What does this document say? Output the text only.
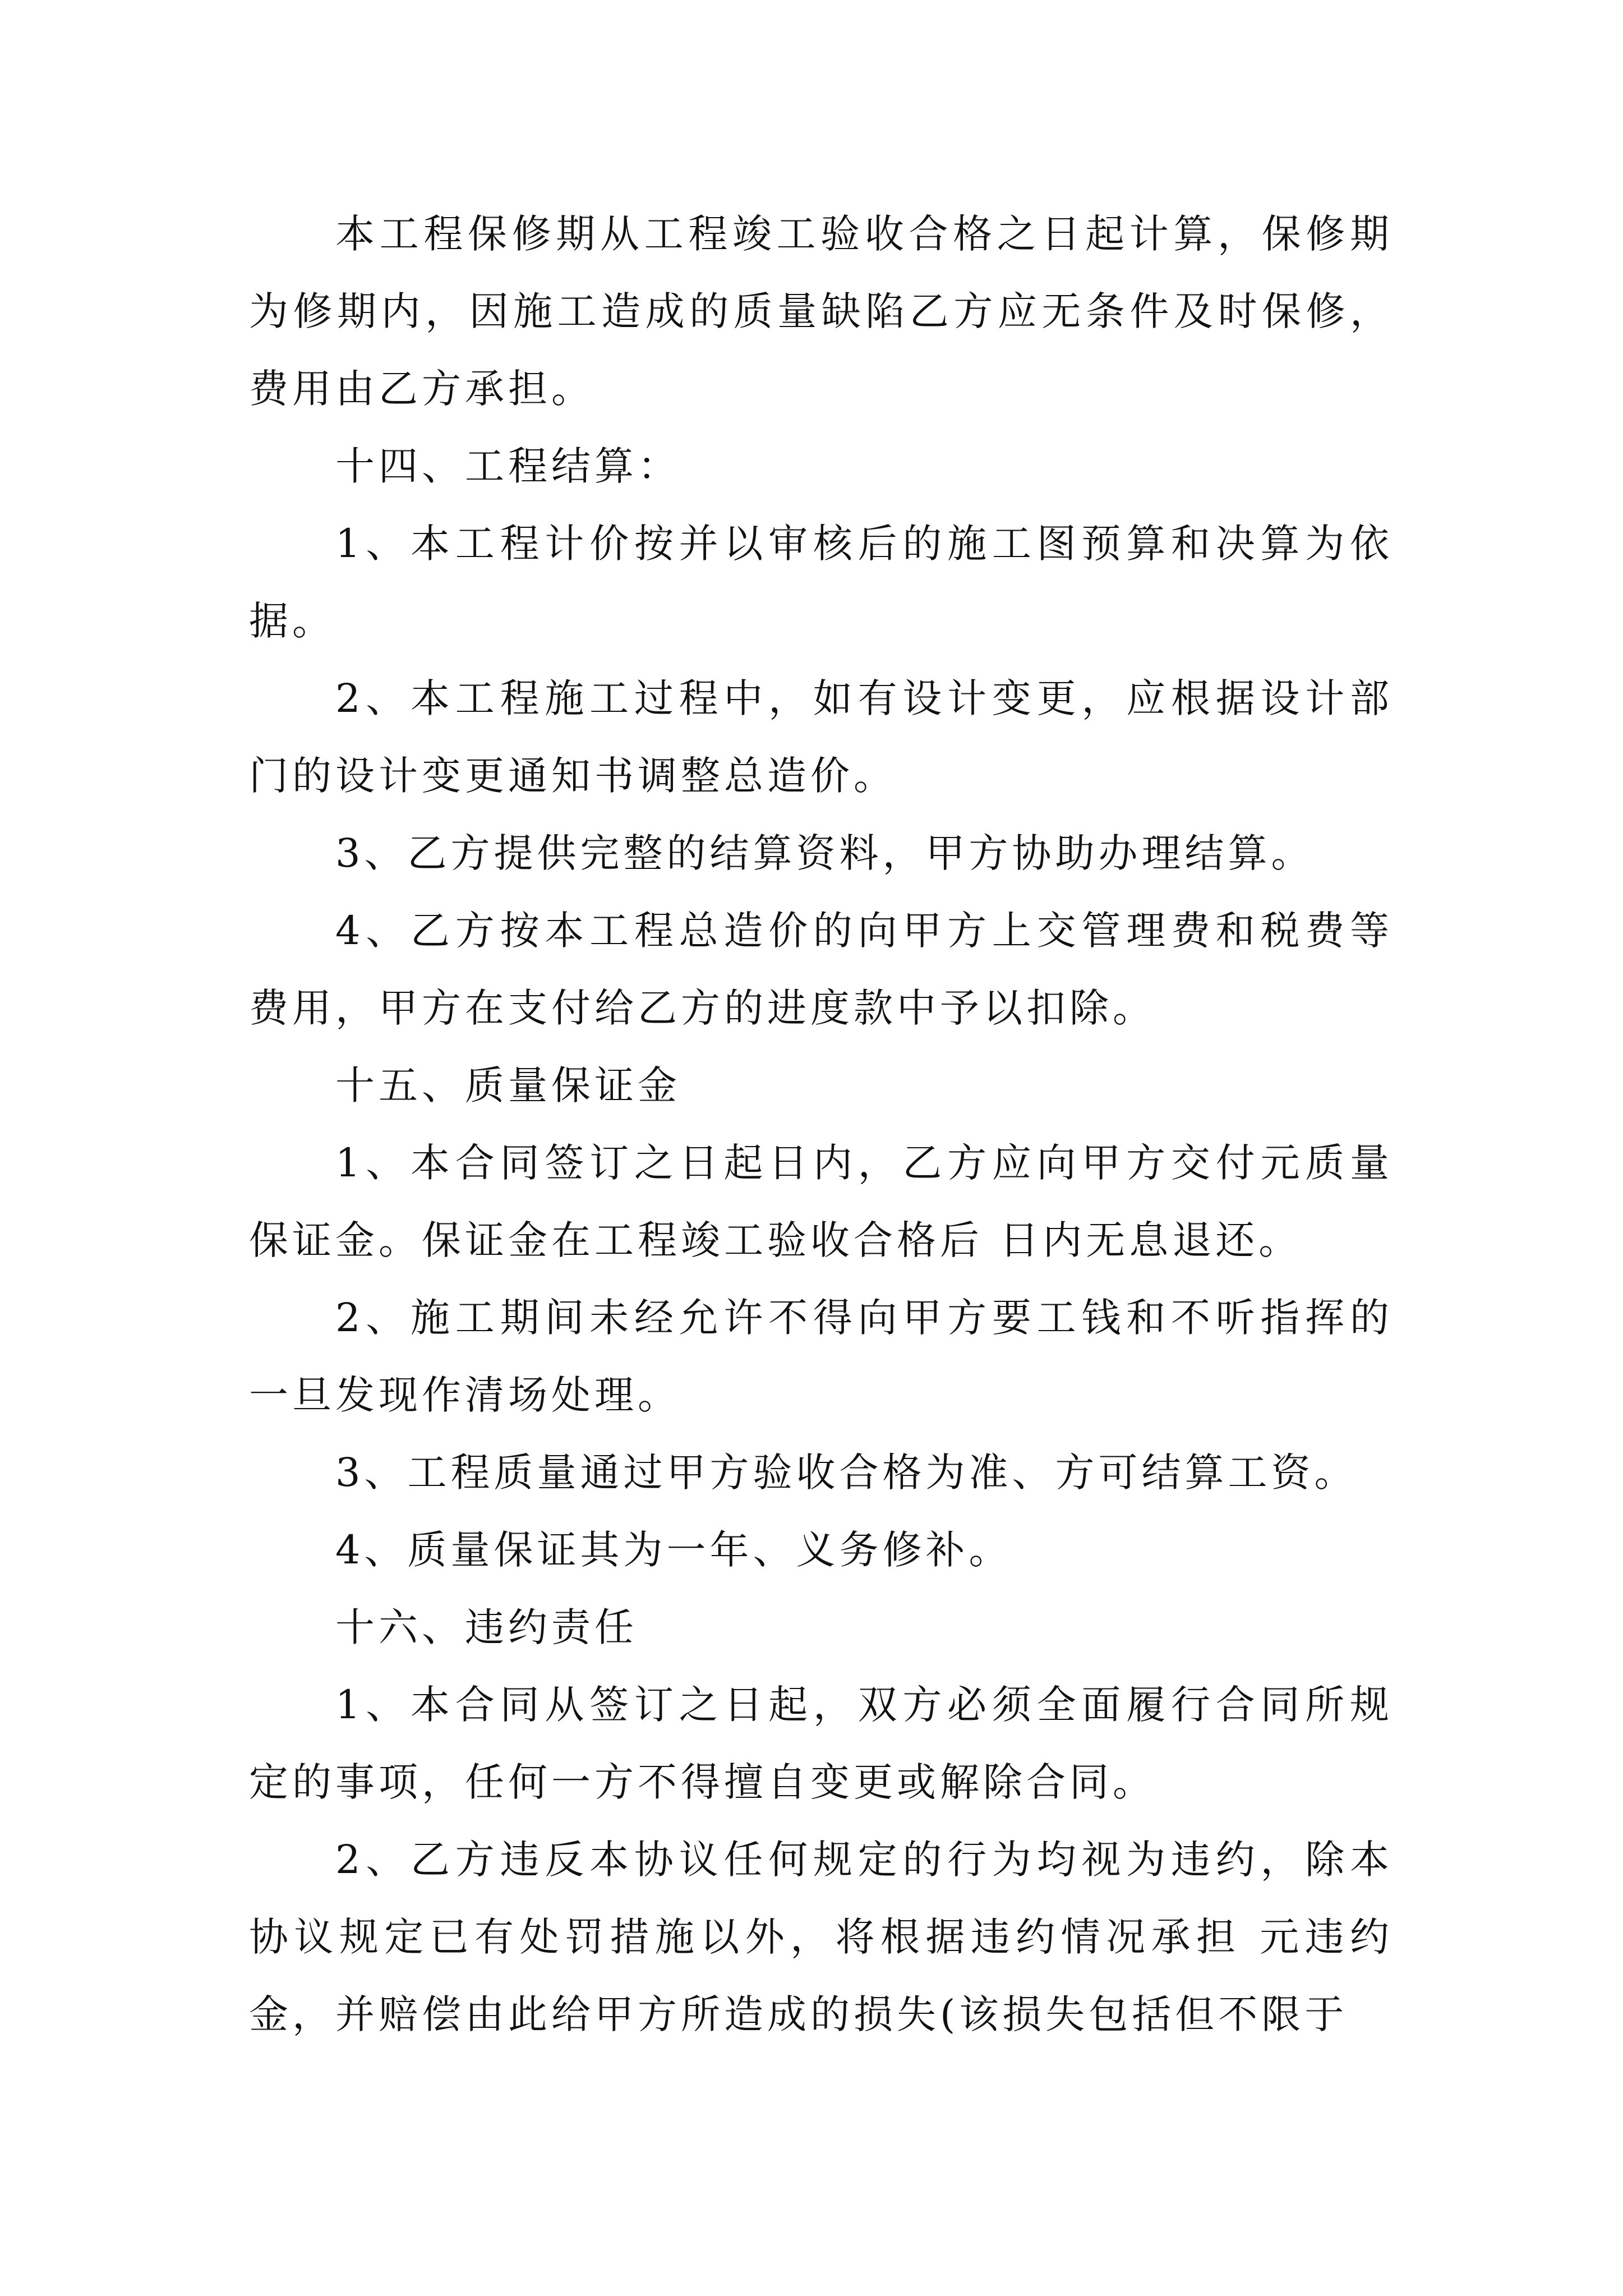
本工程保修期从工程竣工验收合格之日起计算，保修期为修期内，因施工造成的质量缺陷乙方应无条件及时保修，费用由乙方承担。

十四、工程结算：

1、本工程计价按并以审核后的施工图预算和决算为依据。

2、本工程施工过程中，如有设计变更，应根据设计部门的设计变更通知书调整总造价。

3、乙方提供完整的结算资料，甲方协助办理结算。

4、乙方按本工程总造价的向甲方上交管理费和税费等费用，甲方在支付给乙方的进度款中予以扣除。

十五、质量保证金

1、本合同签订之日起日内，乙方应向甲方交付元质量保证金。保证金在工程竣工验收合格后 日内无息退还。

2、施工期间未经允许不得向甲方要工钱和不听指挥的一旦发现作清场处理。

3、工程质量通过甲方验收合格为准、方可结算工资。

4、质量保证其为一年、义务修补。

十六、违约责任

1、本合同从签订之日起，双方必须全面履行合同所规定的事项，任何一方不得擅自变更或解除合同。

2、乙方违反本协议任何规定的行为均视为违约，除本协议规定已有处罚措施以外，将根据违约情况承担 元违约金，并赔偿由此给甲方所造成的损失(该损失包括但不限于
